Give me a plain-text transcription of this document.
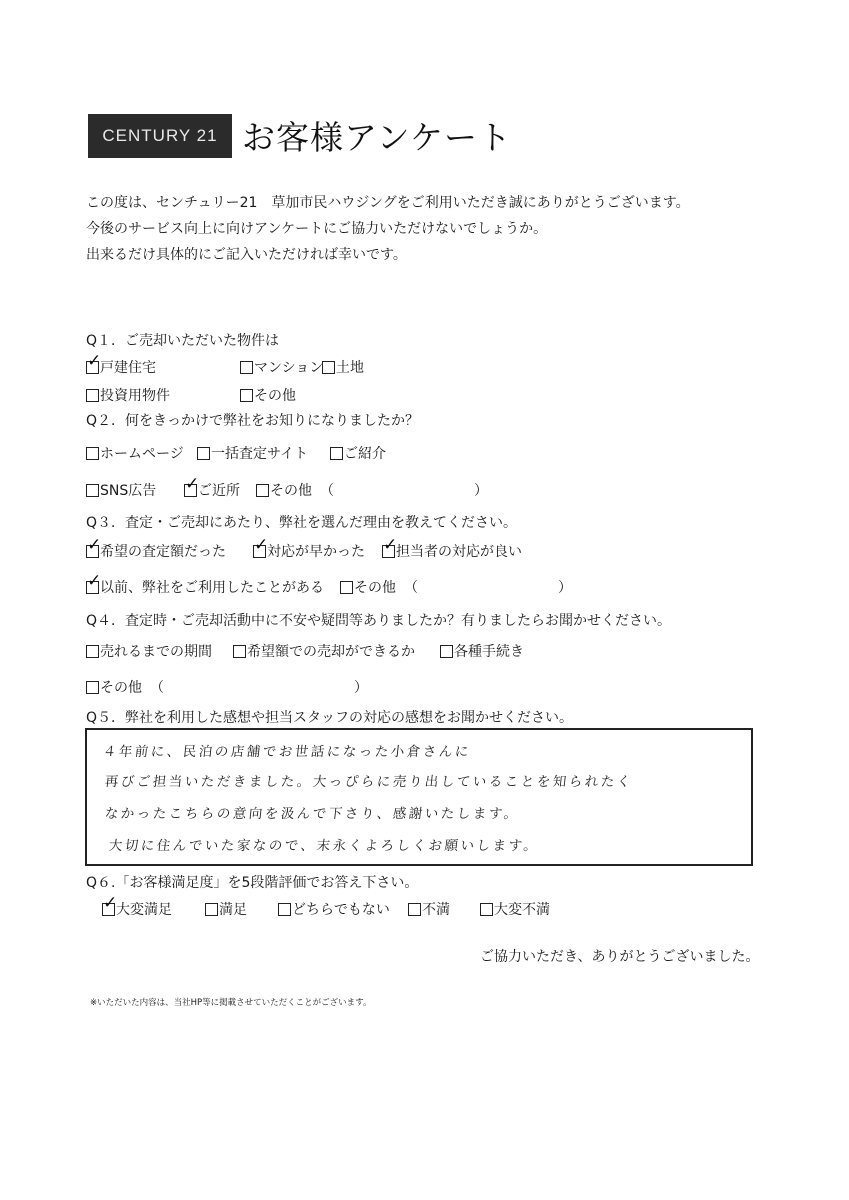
CENTURY 21 お客様アンケート
この度は、センチュリー21　草加市民ハウジングをご利用いただき誠にありがとうございます。
今後のサービス向上に向けアンケートにご協力いただけないでしょうか。
出来るだけ具体的にご記入いただければ幸いです。
Q１．ご売却いただいた物件は
✓
戸建住宅	マンション 土地
投資用物件	その他
Q２．何をきっかけで弊社をお知りになりましたか？
ホームページ 一括査定サイト	ご紹介
SNS広告 ✓	ご近所 その他 （	）
Q３．査定・ご売却にあたり、弊社を選んだ理由を教えてください。
✓
希望の査定額だった ✓	対応が早かった ✓ 担当者の対応が良い
✓
以前、弊社をご利用したことがある その他 （	）
Q４．査定時・ご売却活動中に不安や疑問等ありましたか？有りましたらお聞かせください。
売れるまでの期間	希望額での売却ができるか	各種手続き
その他 （	）
Q５．弊社を利用した感想や担当スタッフの対応の感想をお聞かせください。
４年前に、民泊の店舗でお世話になった小倉さんに
再びご担当いただきました。大っぴらに売り出していることを知られたく
なかったこちらの意向を汲んで下さり、感謝いたします。
大切に住んでいた家なので、末永くよろしくお願いします。
Q６.「お客様満足度」を5段階評価でお答え下さい。
✓
大変満足	満足	どちらでもない 不満	大変不満
ご協力いただき、ありがとうございました。
※いただいた内容は、当社HP等に掲載させていただくことがございます。
